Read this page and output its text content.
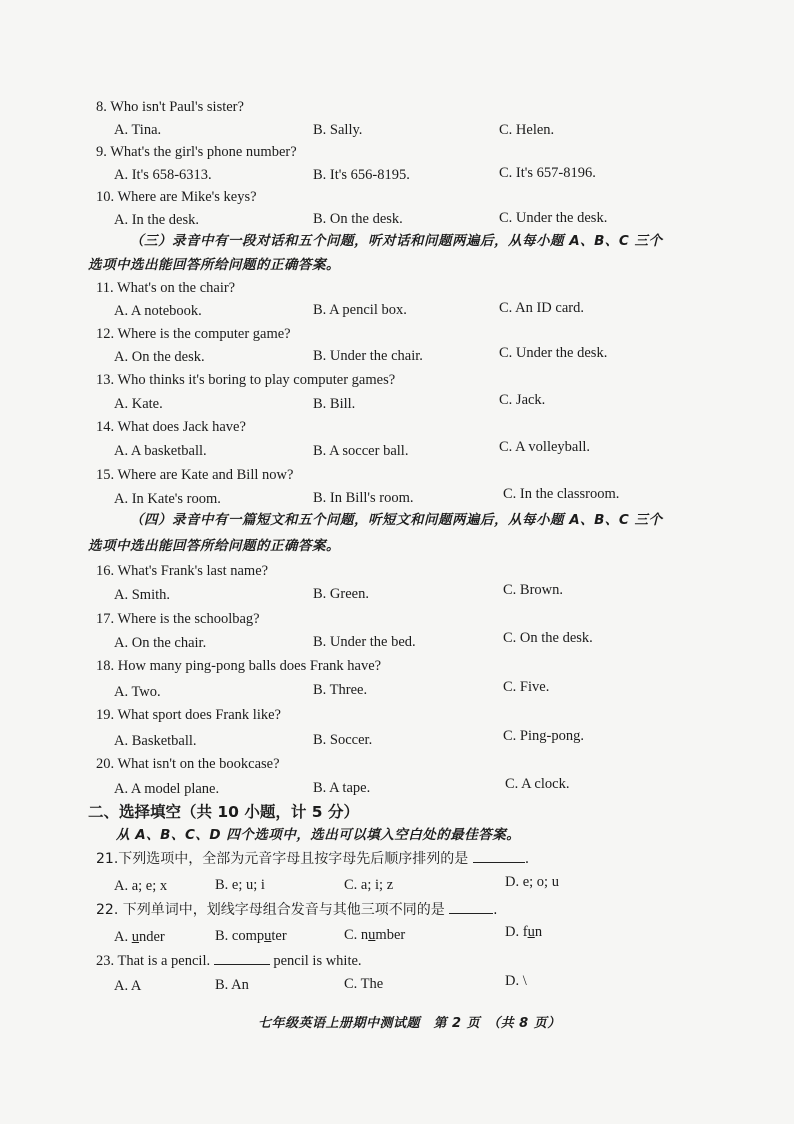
8. Who isn't Paul's sister?
A. Tina.	B. Sally.	C. Helen.
9. What's the girl's phone number?
A. It's 658-6313.	B. It's 656-8195.	C. It's 657-8196.
10. Where are Mike's keys?
A. In the desk.	B. On the desk.	C. Under the desk.
（三）录音中有一段对话和五个问题，听对话和问题两遍后，从每小题 A、B、C 三个
选项中选出能回答所给问题的正确答案。
11. What's on the chair?
A. A notebook.	B. A pencil box.	C. An ID card.
12. Where is the computer game?
A. On the desk.	B. Under the chair.	C. Under the desk.
13. Who thinks it's boring to play computer games?
A. Kate.	B. Bill.	C. Jack.
14. What does Jack have?
A. A basketball.	B. A soccer ball.	C. A volleyball.
15. Where are Kate and Bill now?
A. In Kate's room.	B. In Bill's room.	C. In the classroom.
（四）录音中有一篇短文和五个问题，听短文和问题两遍后，从每小题 A、B、C 三个
选项中选出能回答所给问题的正确答案。
16. What's Frank's last name?
A. Smith.	B. Green.	C. Brown.
17. Where is the schoolbag?
A. On the chair.	B. Under the bed.	C. On the desk.
18. How many ping-pong balls does Frank have?
A. Two.	B. Three.	C. Five.
19. What sport does Frank like?
A. Basketball.	B. Soccer.	C. Ping-pong.
20. What isn't on the bookcase?
A. A model plane.	B. A tape.	C. A clock.
二、选择填空（共 10 小题，计 5 分）
从 A、B、C、D 四个选项中，选出可以填入空白处的最佳答案。
21.下列选项中，全部为元音字母且按字母先后顺序排列的是	.
A. a; e; x	B. e; u; i	C. a; i; z	D. e; o; u
22. 下列单词中，划线字母组合发音与其他三项不同的是	.
A. under	B. computer	C. number	D. fun
23. That is a pencil.	pencil is white.
A. A	B. An	C. The	D. \
七年级英语上册期中测试题　第 2 页　（共 8 页）
